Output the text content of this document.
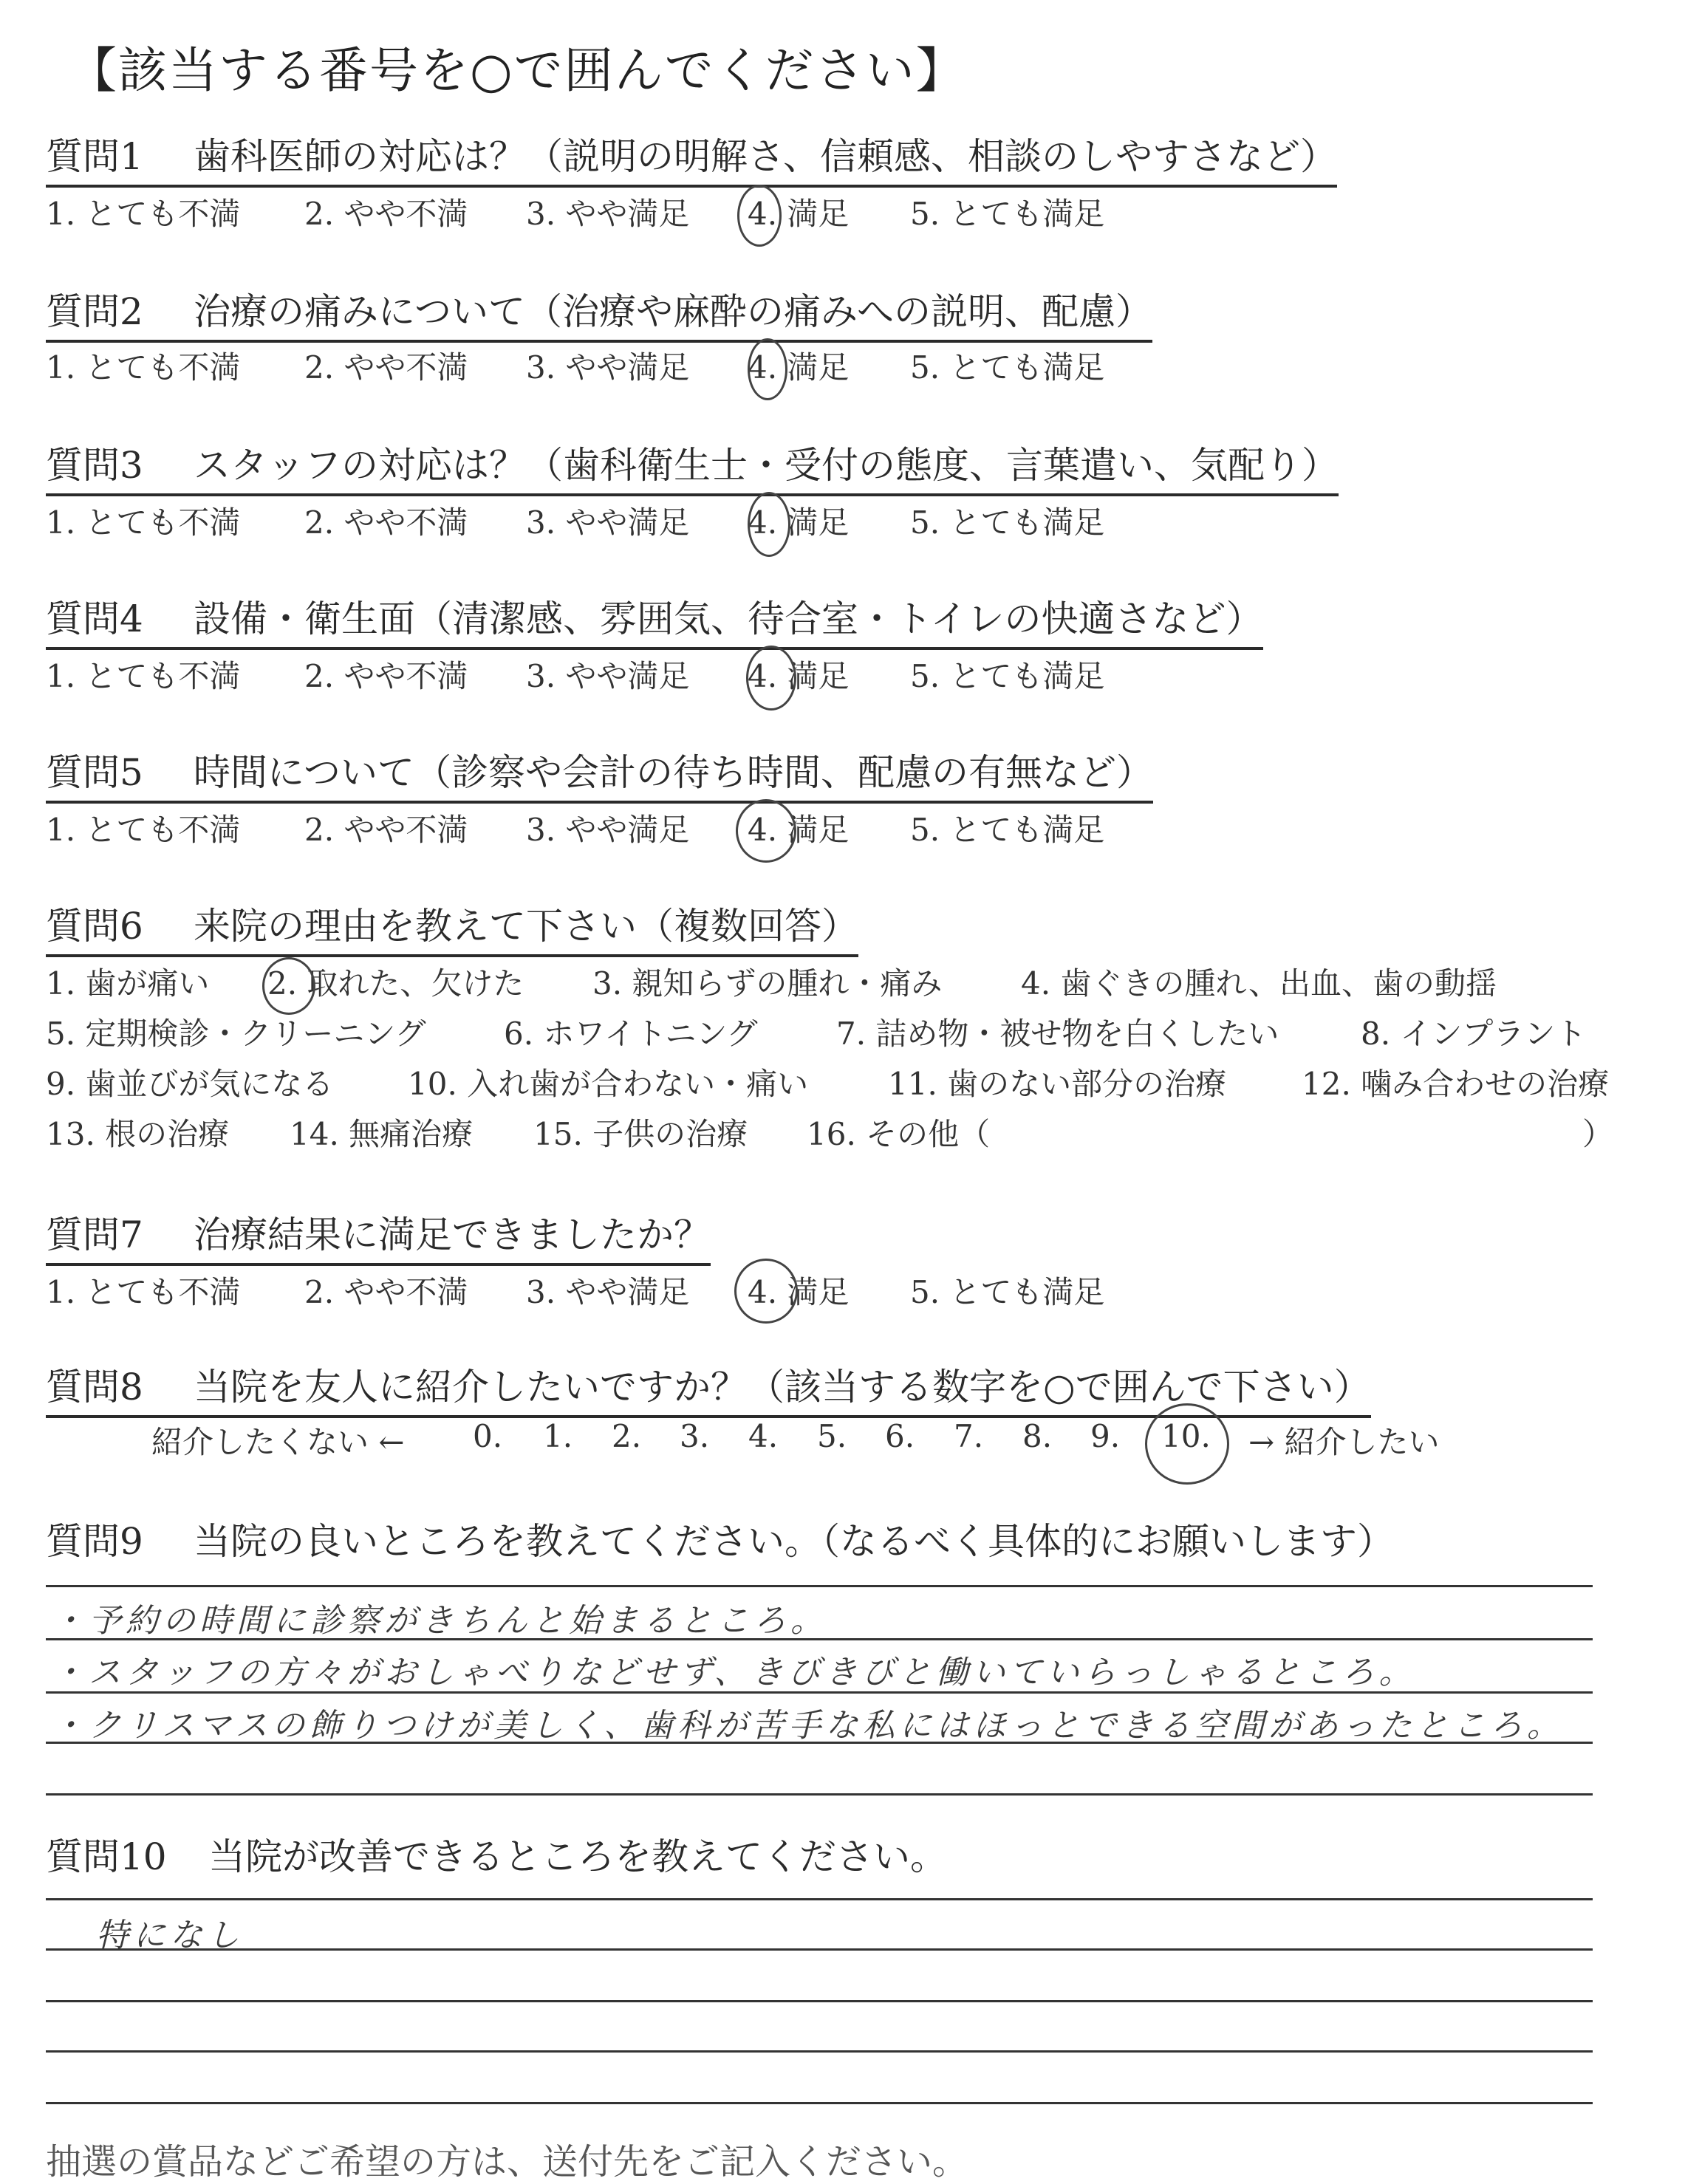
【該当する番号を○で囲んでください】
質問1 歯科医師の対応は？（説明の明解さ、信頼感、相談のしやすさなど）
1. とても不満 2. やや不満 3. やや満足 4. 満足 5. とても満足
質問2 治療の痛みについて（治療や麻酔の痛みへの説明、配慮）
1. とても不満 2. やや不満 3. やや満足 4. 満足 5. とても満足
質問3 スタッフの対応は？（歯科衛生士・受付の態度、言葉遣い、気配り）
1. とても不満 2. やや不満 3. やや満足 4. 満足 5. とても満足
質問4 設備・衛生面（清潔感、雰囲気、待合室・トイレの快適さなど）
1. とても不満 2. やや不満 3. やや満足 4. 満足 5. とても満足
質問5 時間について（診察や会計の待ち時間、配慮の有無など）
1. とても不満 2. やや不満 3. やや満足 4. 満足 5. とても満足
質問6 来院の理由を教えて下さい（複数回答）
1. 歯が痛い 2. 取れた、欠けた 3. 親知らずの腫れ・痛み	4. 歯ぐきの腫れ、出血、歯の動揺
5. 定期検診・クリーニング	6. ホワイトニング	7. 詰め物・被せ物を白くしたい	8. インプラント
9. 歯並びが気になる 10. 入れ歯が合わない・痛い	11. 歯のない部分の治療 12. 噛み合わせの治療
13. 根の治療 14. 無痛治療 15. 子供の治療 16. その他（	）
質問7 治療結果に満足できましたか？
1. とても不満 2. やや不満 3. やや満足 4. 満足 5. とても満足
質問8 当院を友人に紹介したいですか？（該当する数字を○で囲んで下さい）
紹介したくない ← 0. 1. 2. 3. 4. 5. 6. 7. 8. 9. 10. → 紹介したい
質問9 当院の良いところを教えてください。（なるべく具体的にお願いします）
・予約の時間に診察がきちんと始まるところ。
・スタッフの方々がおしゃべりなどせず、きびきびと働いていらっしゃるところ。
・クリスマスの飾りつけが美しく、歯科が苦手な私にはほっとできる空間があったところ。
質問10 当院が改善できるところを教えてください。
特になし
抽選の賞品などご希望の方は、送付先をご記入ください。
